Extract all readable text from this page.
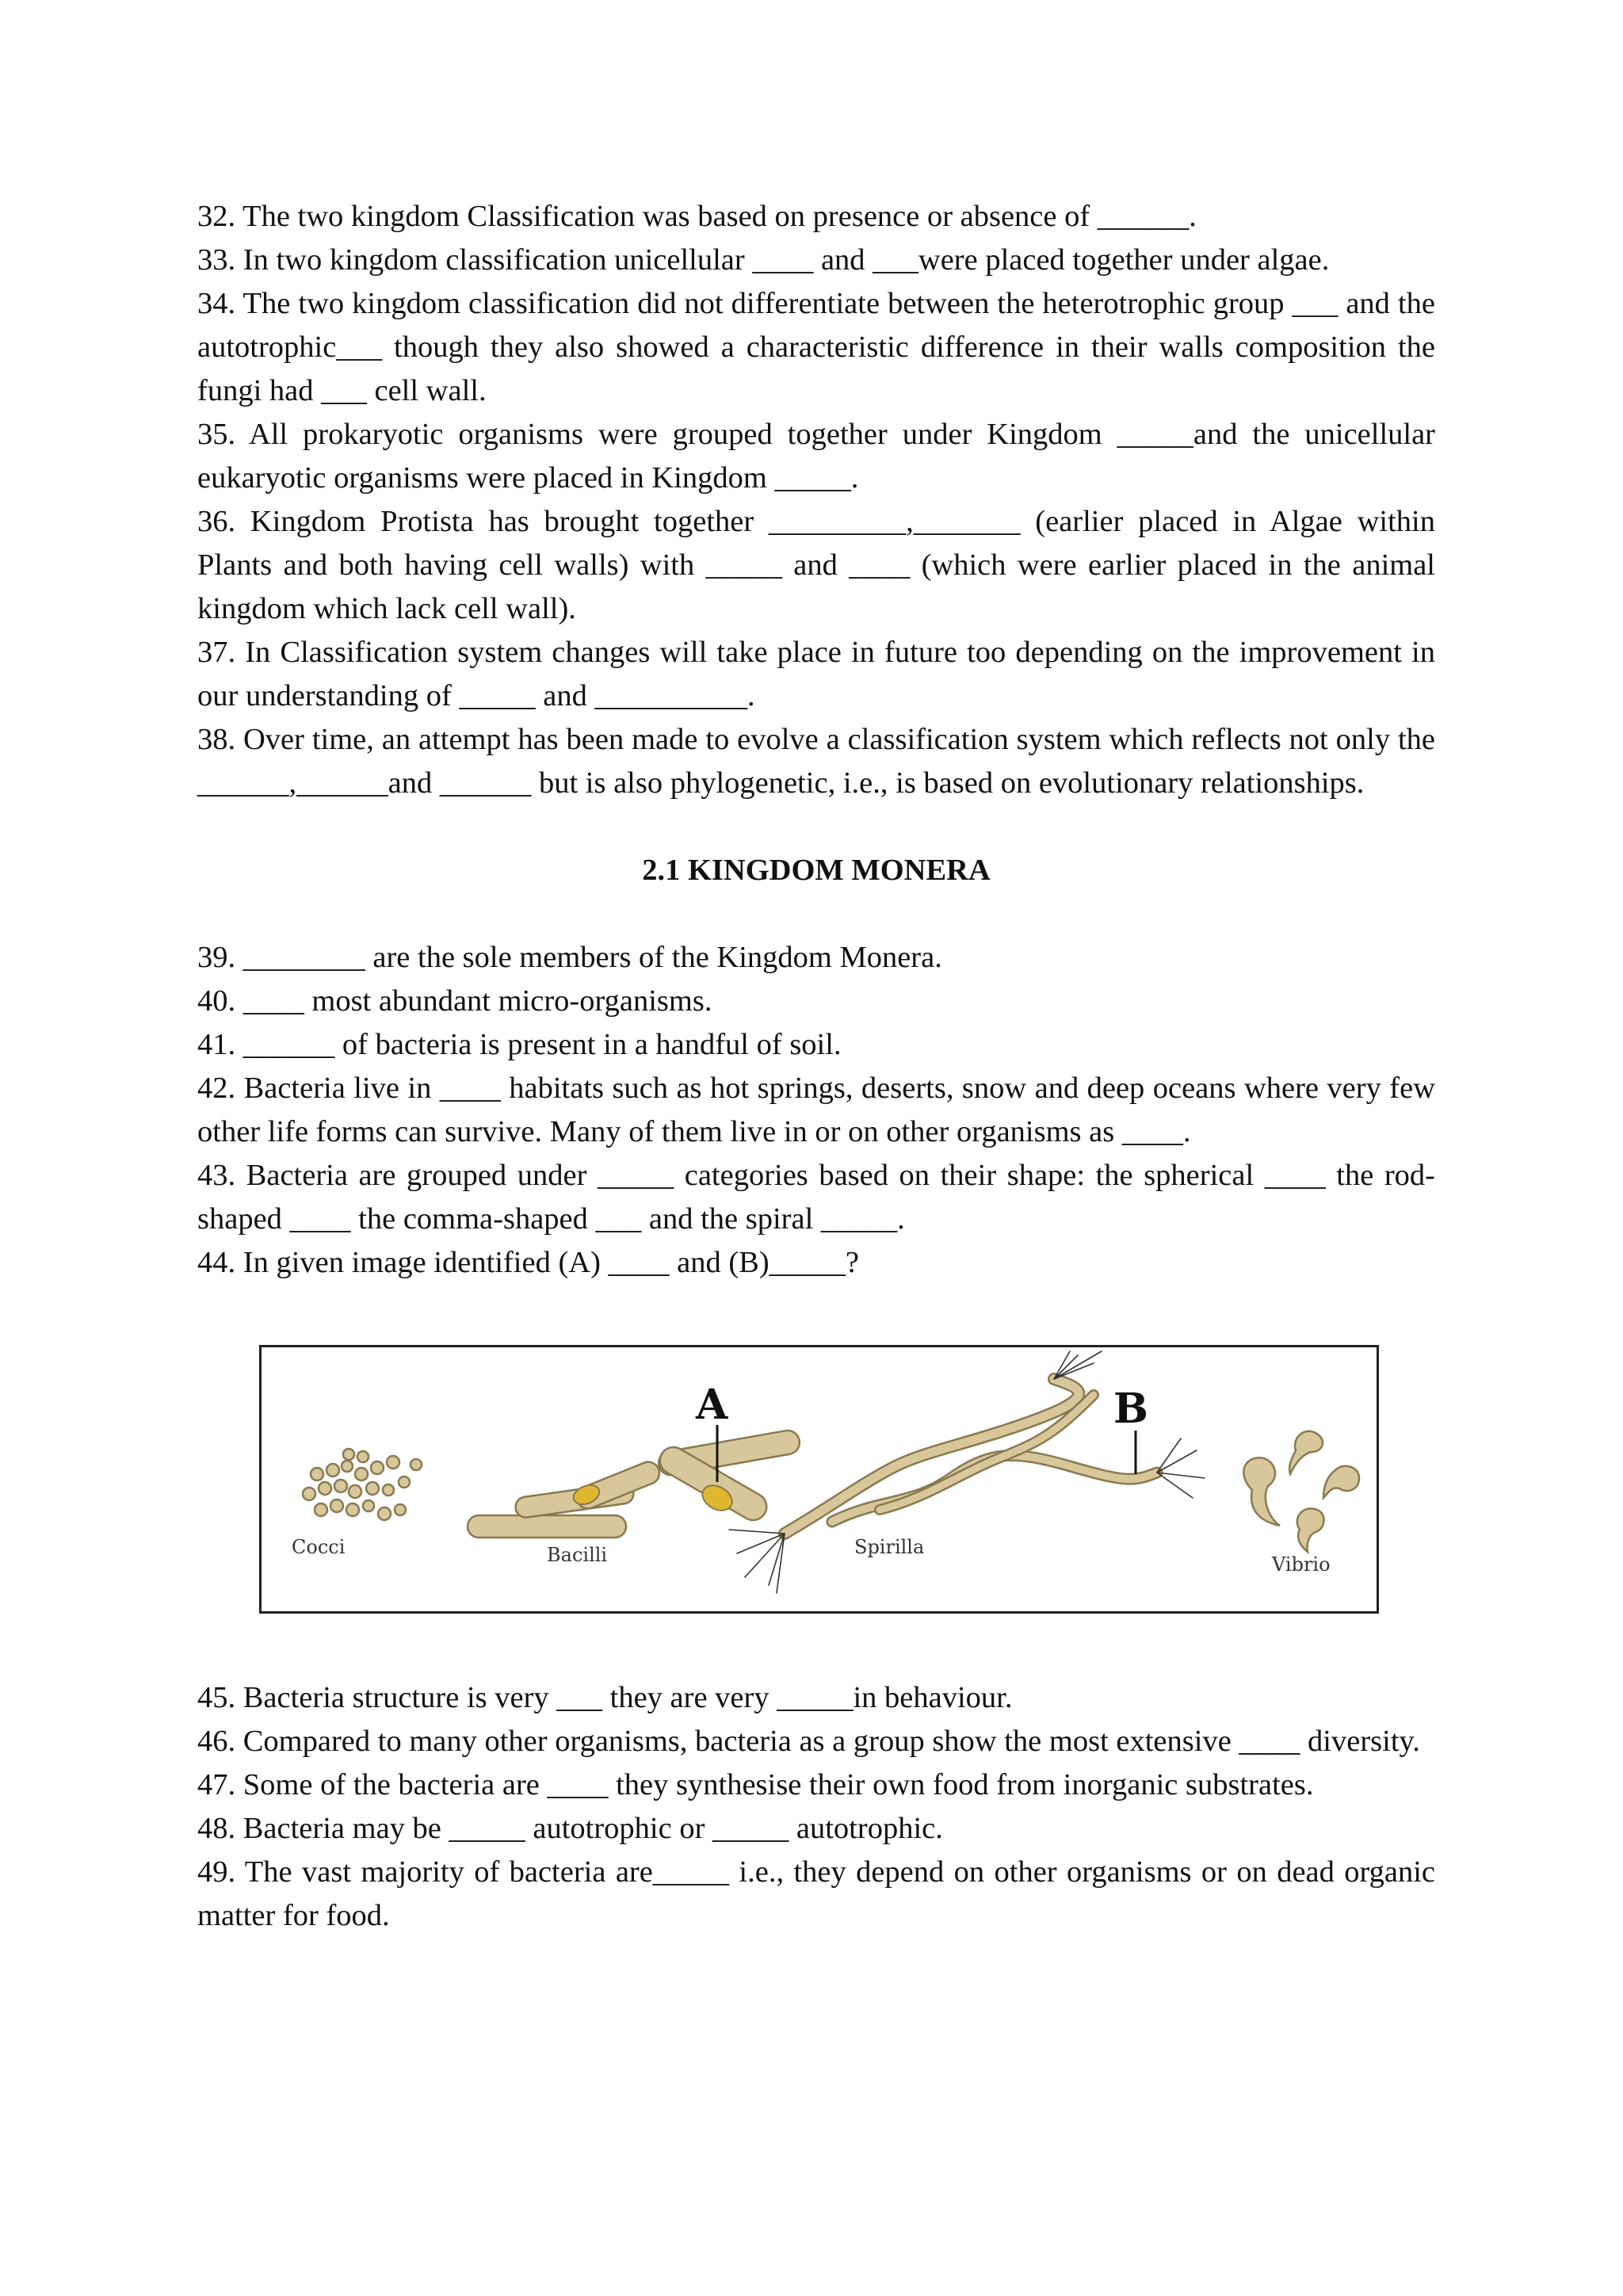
32. The two kingdom Classification was based on presence or absence of ______.

33. In two kingdom classification unicellular ____ and ___were placed together under algae.

34. The two kingdom classification did not differentiate between the heterotrophic group ___ and the autotrophic___ though they also showed a characteristic difference in their walls composition the fungi had ___ cell wall.

35. All prokaryotic organisms were grouped together under Kingdom _____and the unicellular eukaryotic organisms were placed in Kingdom _____.

36. Kingdom Protista has brought together _________,_______ (earlier placed in Algae within Plants and both having cell walls) with _____ and ____ (which were earlier placed in the animal kingdom which lack cell wall).

37. In Classification system changes will take place in future too depending on the improvement in our understanding of _____ and __________.

38. Over time, an attempt has been made to evolve a classification system which reflects not only the ______,______and ______ but is also phylogenetic, i.e., is based on evolutionary relationships.

2.1 KINGDOM MONERA

39. ________ are the sole members of the Kingdom Monera.

40. ____ most abundant micro-organisms.

41. ______ of bacteria is present in a handful of soil.

42. Bacteria live in ____ habitats such as hot springs, deserts, snow and deep oceans where very few other life forms can survive. Many of them live in or on other organisms as ____.

43. Bacteria are grouped under _____ categories based on their shape: the spherical ____ the rod-shaped ____ the comma-shaped ___ and the spiral _____.

44. In given image identified (A) ____ and (B)_____?

Cocci	Bacilli
A
Spirilla
B
Vibrio

45. Bacteria structure is very ___ they are very _____in behaviour.

46. Compared to many other organisms, bacteria as a group show the most extensive ____ diversity.

47. Some of the bacteria are ____ they synthesise their own food from inorganic substrates.

48. Bacteria may be _____ autotrophic or _____ autotrophic.

49. The vast majority of bacteria are_____ i.e., they depend on other organisms or on dead organic matter for food.
